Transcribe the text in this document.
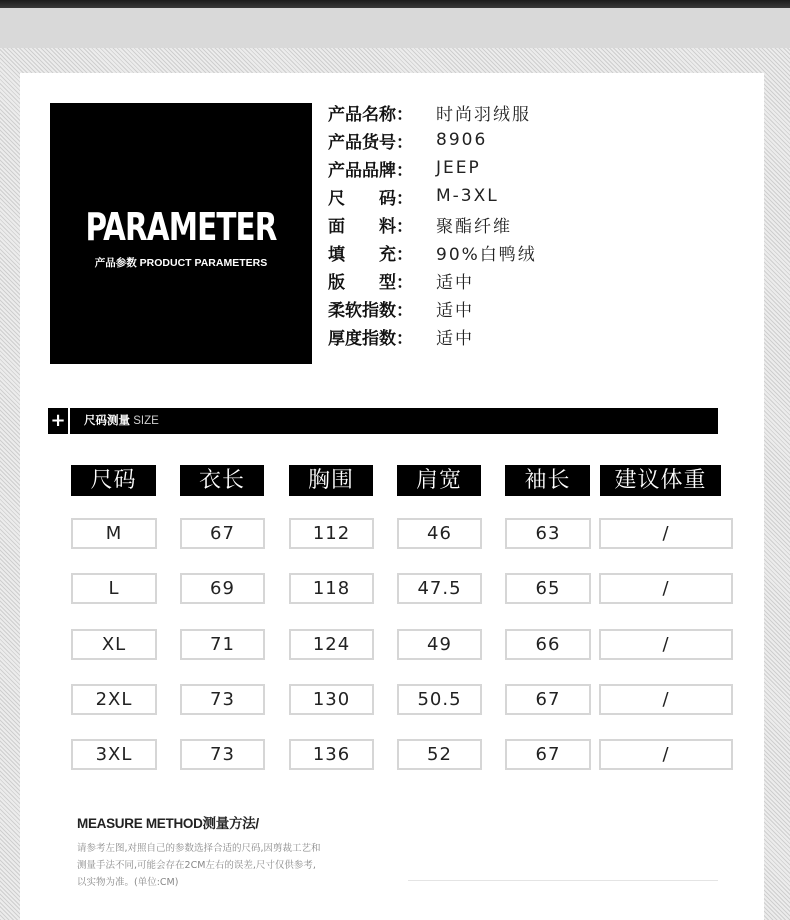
PARAMETER
产品参数 PRODUCT PARAMETERS
产品名称：	时尚羽绒服
产品货号：	8906
产品品牌：	JEEP
尺　　码：	M-3XL
面　　料：	聚酯纤维
填　　充：	90%白鸭绒
版　　型：	适中
柔软指数：	适中
厚度指数：	适中
+ 尺码测量 SIZE
尺码	衣长	胸围	肩宽	袖长	建议体重
M	67	112	46	63	/
L	69	118	47.5	65	/
XL	71	124	49	66	/
2XL	73	130	50.5	67	/
3XL	73	136	52	67	/
MEASURE METHOD测量方法/
请参考左图,对照自己的参数选择合适的尺码,因剪裁工艺和
测量手法不同,可能会存在2CM左右的误差,尺寸仅供参考,
以实物为准。(单位:CM)
